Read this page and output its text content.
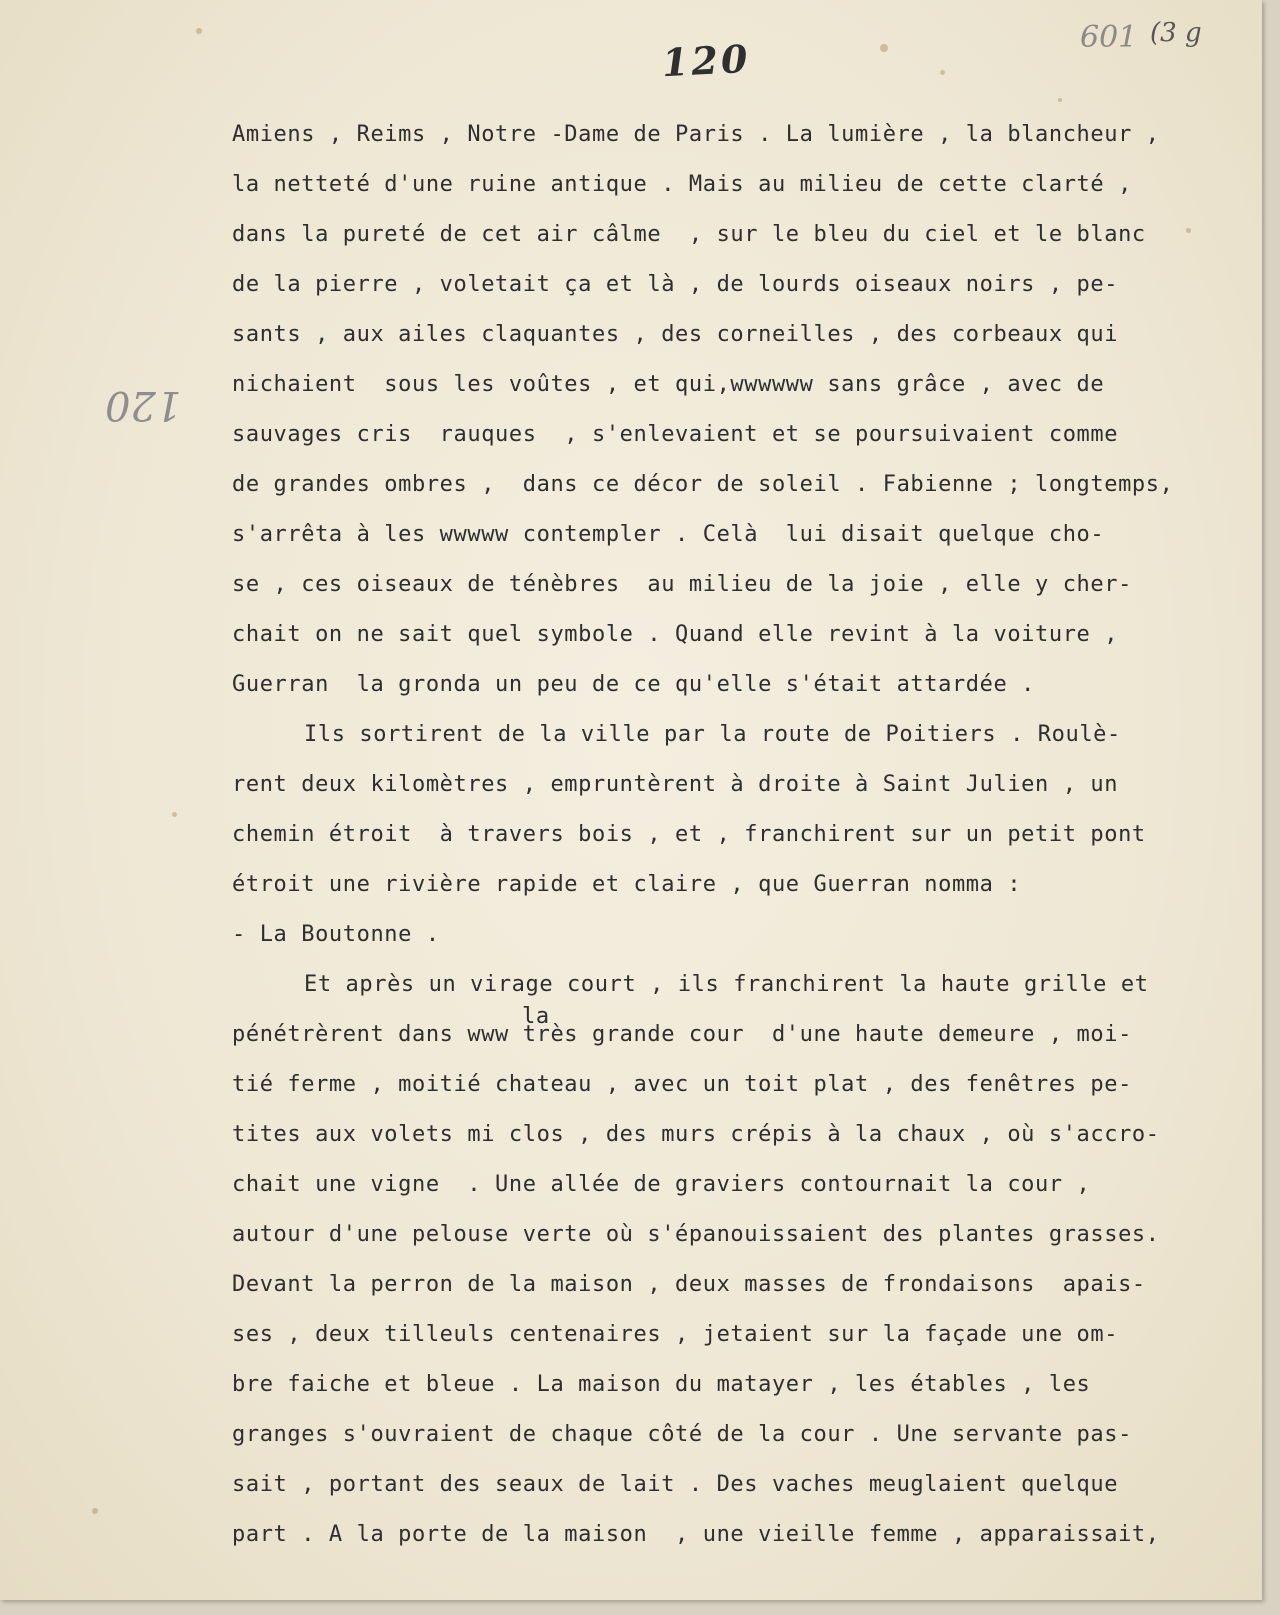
120	601 (3 g
120
Amiens , Reims , Notre -Dame de Paris . La lumière , la blancheur ,
la netteté d'une ruine antique . Mais au milieu de cette clarté ,
dans la pureté de cet air câlme  , sur le bleu du ciel et le blanc
de la pierre , voletait ça et là , de lourds oiseaux noirs , pe-
sants , aux ailes claquantes , des corneilles , des corbeaux qui
nichaient  sous les voûtes , et qui,wwwwww sans grâce , avec de
sauvages cris  rauques  , s'enlevaient et se poursuivaient comme
de grandes ombres ,  dans ce décor de soleil . Fabienne ; longtemps,
s'arrêta à les wwwww contempler . Celà  lui disait quelque cho-
se , ces oiseaux de ténèbres  au milieu de la joie , elle y cher-
chait on ne sait quel symbole . Quand elle revint à la voiture ,
Guerran  la gronda un peu de ce qu'elle s'était attardée .
Ils sortirent de la ville par la route de Poitiers . Roulè-
rent deux kilomètres , empruntèrent à droite à Saint Julien , un
chemin étroit  à travers bois , et , franchirent sur un petit pont
étroit une rivière rapide et claire , que Guerran nomma :
- La Boutonne .
Et après un virage court , ils franchirent la haute grille et
la
pénétrèrent dans www très grande cour  d'une haute demeure , moi-
tié ferme , moitié chateau , avec un toit plat , des fenêtres pe-
tites aux volets mi clos , des murs crépis à la chaux , où s'accro-
chait une vigne  . Une allée de graviers contournait la cour ,
autour d'une pelouse verte où s'épanouissaient des plantes grasses.
Devant la perron de la maison , deux masses de frondaisons  apais-
ses , deux tilleuls centenaires , jetaient sur la façade une om-
bre faiche et bleue . La maison du matayer , les étables , les
granges s'ouvraient de chaque côté de la cour . Une servante pas-
sait , portant des seaux de lait . Des vaches meuglaient quelque
part . A la porte de la maison  , une vieille femme , apparaissait,
